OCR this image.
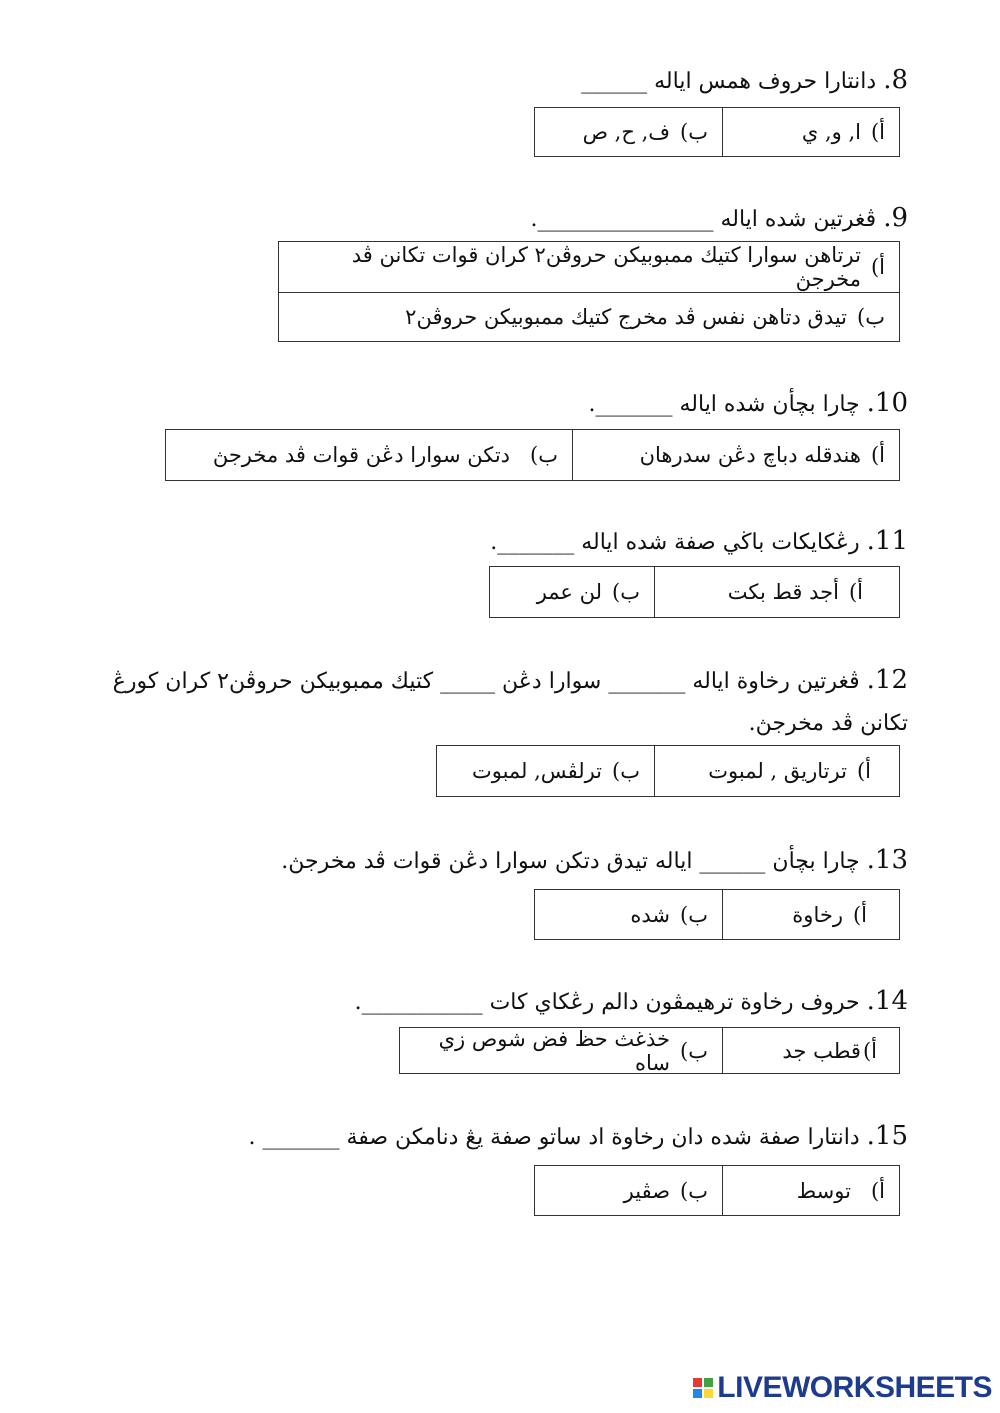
8. دانتارا حروف همس اياله ______
أ)
ا, و, ي
ب)
ف, ح, ص
9. ڤغرتين شده اياله ________________.
أ)
ترتاهن سوارا كتيك ممبوبيكن حروڤن٢ كران قوات تكانن ڤد مخرجڽ
ب)
تيدق دتاهن نفس ڤد مخرج كتيك ممبوبيكن حروڤن٢
10. چارا بچأن شده اياله _______.
أ)
هندقله دباچ دڠن سدرهان
ب)
دتكن سوارا دڠن قوات ڤد مخرجڽ
11. رڠكايكات باڬي صفة شده اياله _______.
أ)
أجد قط بكت
ب)
لن عمر
12. ڤغرتين رخاوة اياله _______ سوارا دڠن _____ كتيك ممبوبيكن حروڤن٢ كران كورڠ تكانن ڤد مخرجڽ.
أ)
ترتاريق , لمبوت
ب)
ترلڤس, لمبوت
13. چارا بچأن ______ اياله تيدق دتكن سوارا دڠن قوات ڤد مخرجڽ.
أ)
رخاوة
ب)
شده
14. حروف رخاوة ترهيمڤون دالم رڠكاي كات ___________.
أ)
قطب جد
ب)
خذغث حظ فض شوص زي ساه
15. دانتارا صفة شده دان رخاوة اد ساتو صفة يڠ دنامكن صفة _______ .
أ)
توسط
ب)
صڤير
LIVEWORKSHEETS
